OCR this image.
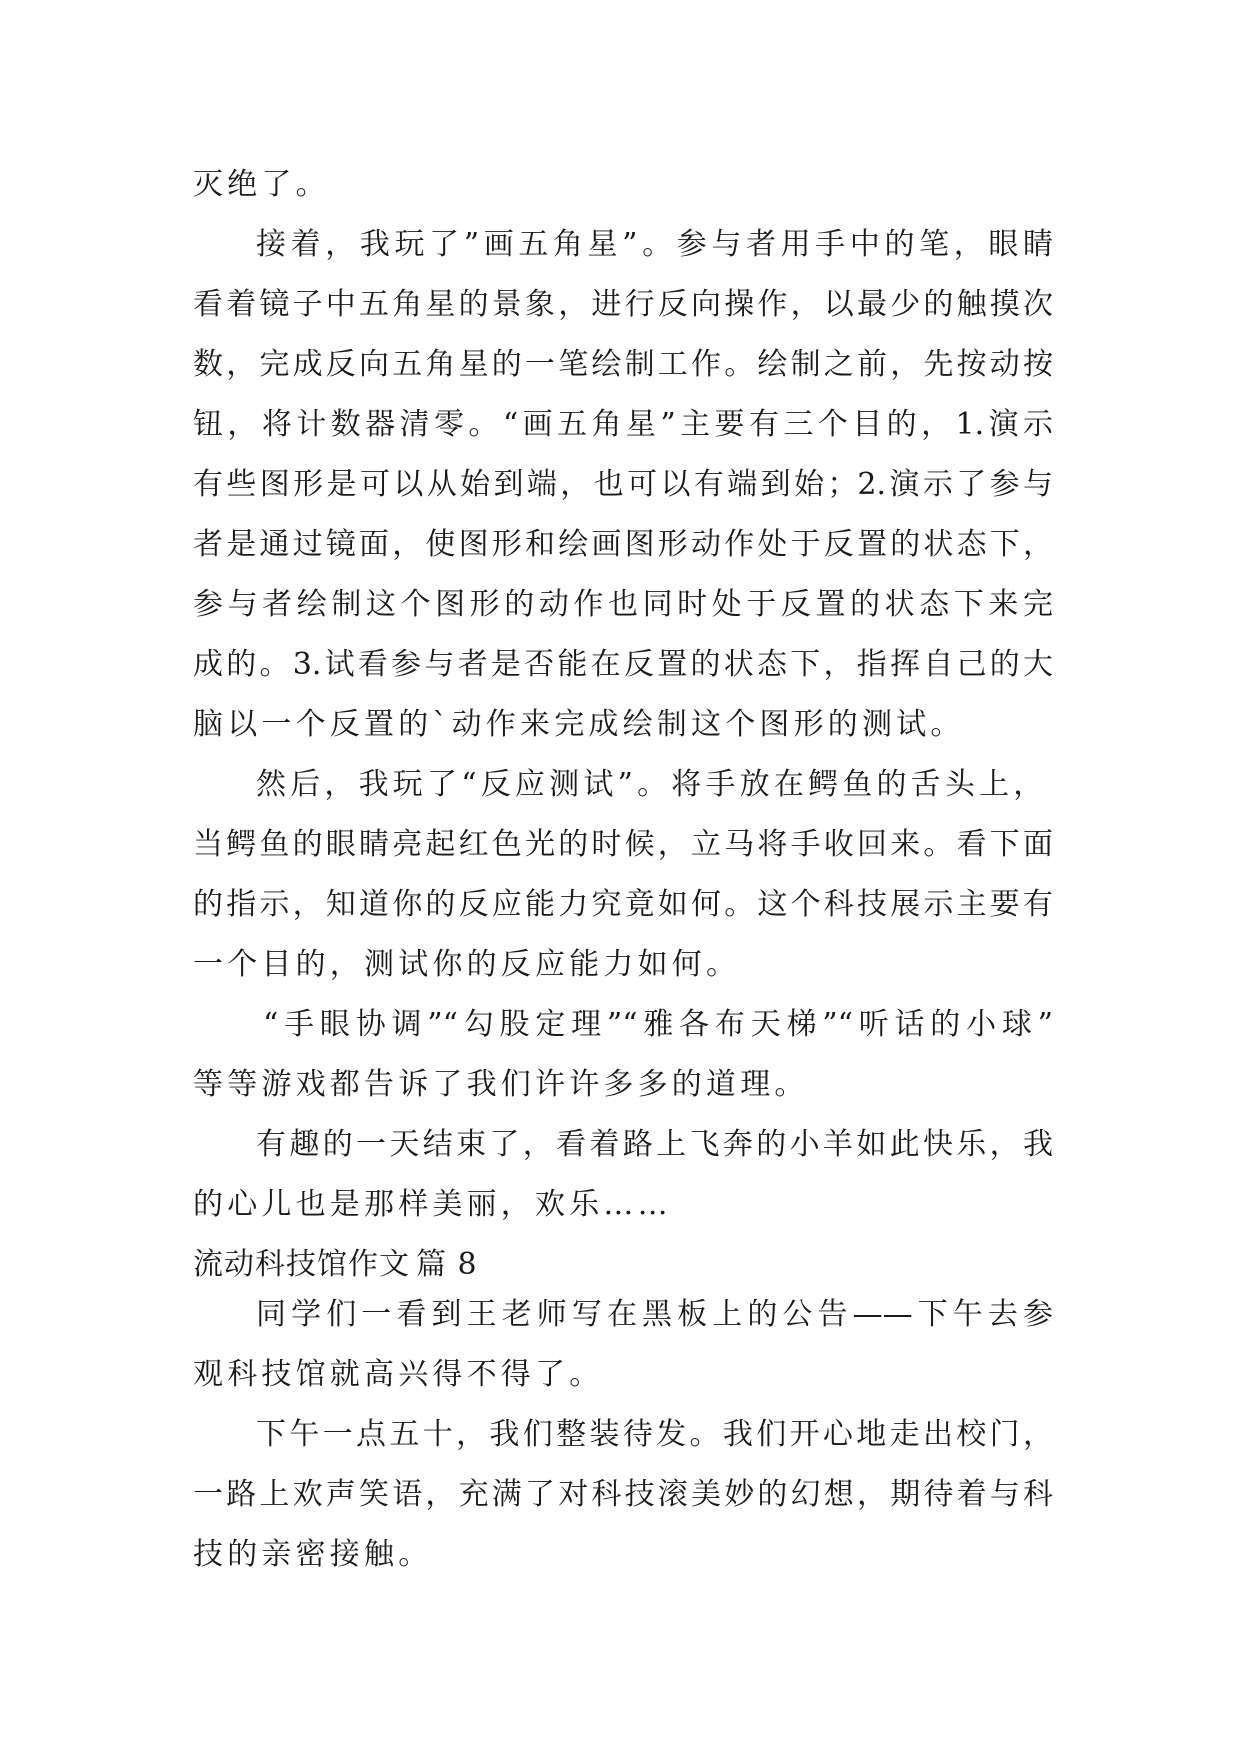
灭绝了。
接着，我玩了”画五角星”。参与者用手中的笔，眼睛
看着镜子中五角星的景象，进行反向操作，以最少的触摸次
数，完成反向五角星的一笔绘制工作。绘制之前，先按动按
钮，将计数器清零。“画五角星”主要有三个目的，1.演示
有些图形是可以从始到端，也可以有端到始；2.演示了参与
者是通过镜面，使图形和绘画图形动作处于反置的状态下，
参与者绘制这个图形的动作也同时处于反置的状态下来完
成的。3.试看参与者是否能在反置的状态下，指挥自己的大
脑以一个反置的`动作来完成绘制这个图形的测试。
然后，我玩了“反应测试”。将手放在鳄鱼的舌头上，
当鳄鱼的眼睛亮起红色光的时候，立马将手收回来。看下面
的指示，知道你的反应能力究竟如何。这个科技展示主要有
一个目的，测试你的反应能力如何。
“手眼协调”“勾股定理”“雅各布天梯”“听话的小球”
等等游戏都告诉了我们许许多多的道理。
有趣的一天结束了，看着路上飞奔的小羊如此快乐，我
的心儿也是那样美丽，欢乐……
流动科技馆作文 篇 8
同学们一看到王老师写在黑板上的公告——下午去参
观科技馆就高兴得不得了。
下午一点五十，我们整装待发。我们开心地走出校门，
一路上欢声笑语，充满了对科技滚美妙的幻想，期待着与科
技的亲密接触。
